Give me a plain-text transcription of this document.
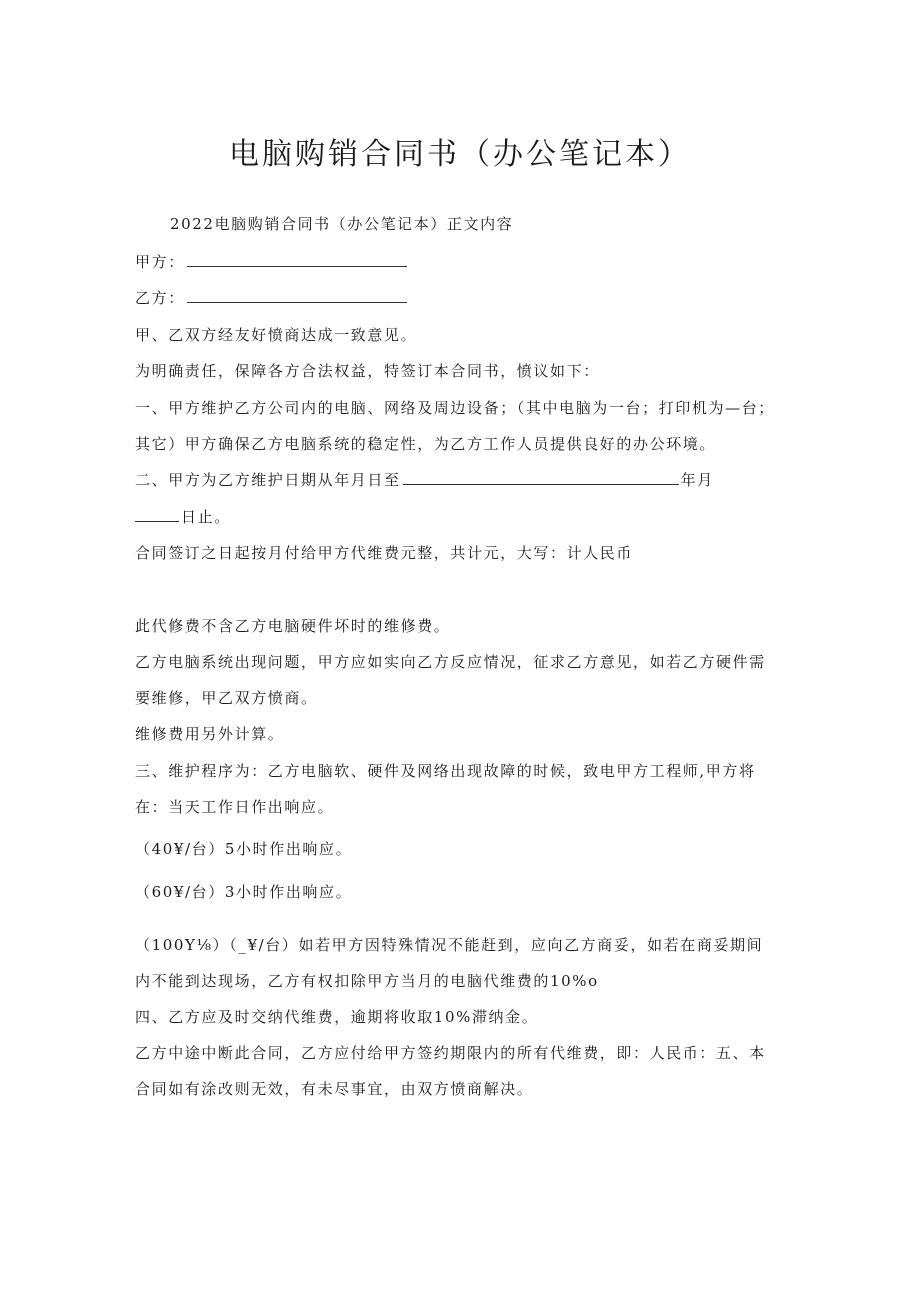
电脑购销合同书（办公笔记本）
2022电脑购销合同书（办公笔记本）正文内容
甲方：
乙方：
甲、乙双方经友好愤商达成一致意见。
为明确责任，保障各方合法权益，特签订本合同书，愤议如下：
一、甲方维护乙方公司内的电脑、网络及周边设备；（其中电脑为一台；打印机为—台；
其它）甲方确保乙方电脑系统的稳定性，为乙方工作人员提供良好的办公环境。
二、甲方为乙方维护日期从年月日至	年月
日止。
合同签订之日起按月付给甲方代维费元整，共计元，大写：计人民币
此代修费不含乙方电脑硬件坏时的维修费。
乙方电脑系统出现问题，甲方应如实向乙方反应情况，征求乙方意见，如若乙方硬件需
要维修，甲乙双方愤商。
维修费用另外计算。
三、维护程序为：乙方电脑软、硬件及网络出现故障的时候，致电甲方工程师,甲方将
在：当天工作日作出响应。
（40¥/台）5小时作出响应。
（60¥/台）3小时作出响应。
（100Y⅛）（_¥/台）如若甲方因特殊情况不能赶到，应向乙方商妥，如若在商妥期间
内不能到达现场，乙方有权扣除甲方当月的电脑代维费的10%o
四、乙方应及时交纳代维费，逾期将收取10%滞纳金。
乙方中途中断此合同，乙方应付给甲方签约期限内的所有代维费，即：人民币：五、本
合同如有涂改则无效，有未尽事宜，由双方愤商解决。
